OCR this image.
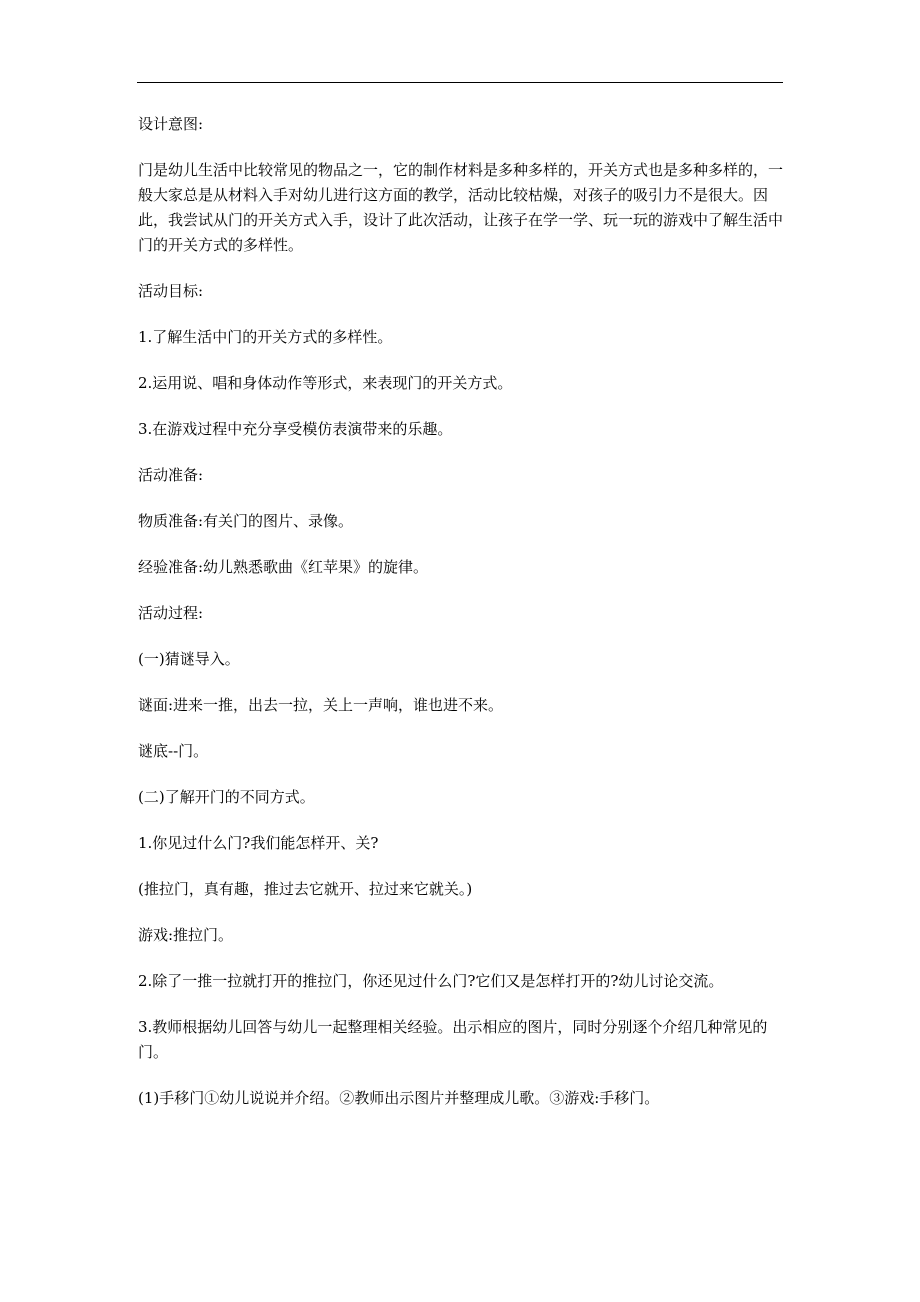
设计意图:

门是幼儿生活中比较常见的物品之一，它的制作材料是多种多样的，开关方式也是多种多样的，一般大家总是从材料入手对幼儿进行这方面的教学，活动比较枯燥，对孩子的吸引力不是很大。因此，我尝试从门的开关方式入手，设计了此次活动，让孩子在学一学、玩一玩的游戏中了解生活中门的开关方式的多样性。

活动目标:

1.了解生活中门的开关方式的多样性。

2.运用说、唱和身体动作等形式，来表现门的开关方式。

3.在游戏过程中充分享受模仿表演带来的乐趣。

活动准备:

物质准备:有关门的图片、录像。

经验准备:幼儿熟悉歌曲《红苹果》的旋律。

活动过程:

(一)猜谜导入。

谜面:进来一推，出去一拉，关上一声响，谁也进不来。

谜底--门。

(二)了解开门的不同方式。

1.你见过什么门?我们能怎样开、关?

(推拉门，真有趣，推过去它就开、拉过来它就关。)

游戏:推拉门。

2.除了一推一拉就打开的推拉门，你还见过什么门?它们又是怎样打开的?幼儿讨论交流。

3.教师根据幼儿回答与幼儿一起整理相关经验。出示相应的图片，同时分别逐个介绍几种常见的门。

(1)手移门①幼儿说说并介绍。②教师出示图片并整理成儿歌。③游戏:手移门。
